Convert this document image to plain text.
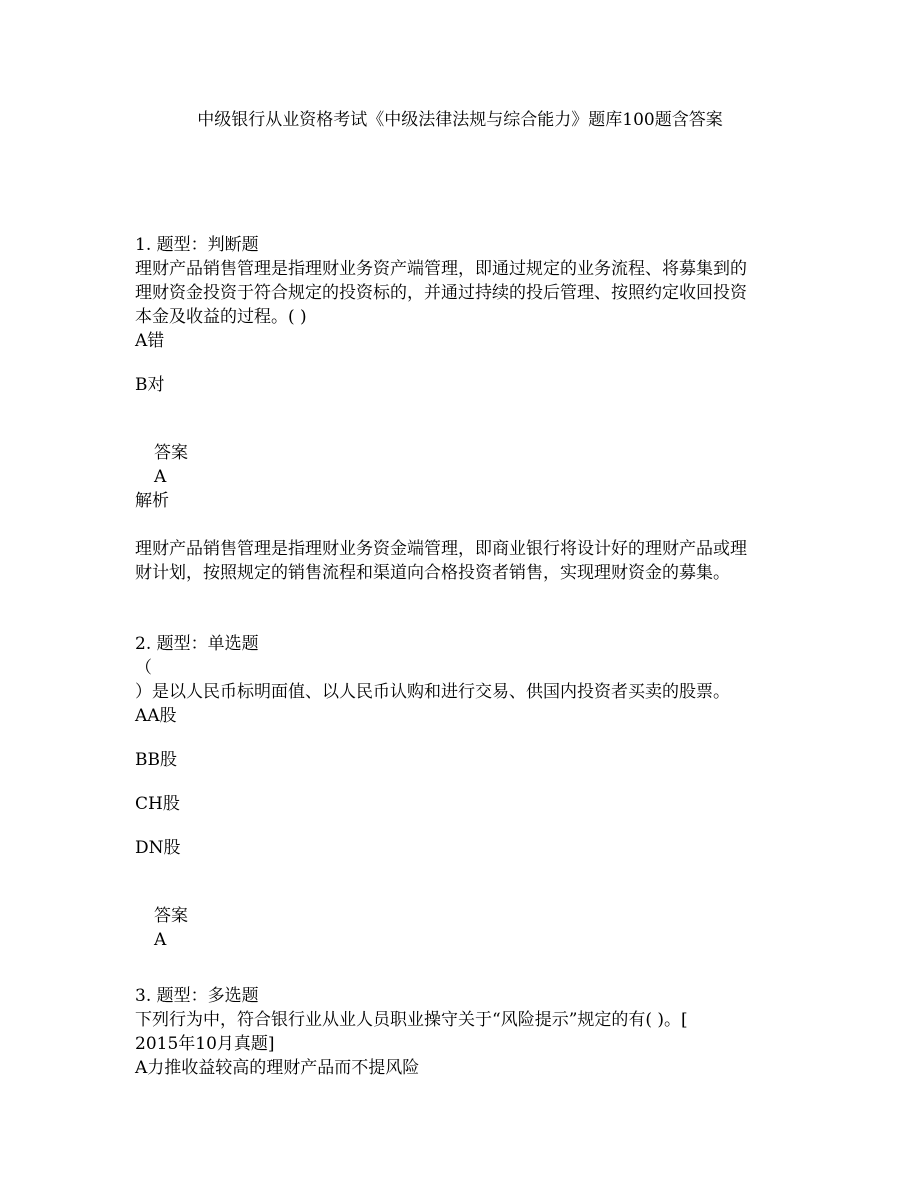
中级银行从业资格考试《中级法律法规与综合能力》题库100题含答案
1. 题型：判断题
理财产品销售管理是指理财业务资产端管理，即通过规定的业务流程、将募集到的
理财资金投资于符合规定的投资标的，并通过持续的投后管理、按照约定收回投资
本金及收益的过程。( )
A错
B对
答案
A
解析
理财产品销售管理是指理财业务资金端管理，即商业银行将设计好的理财产品或理
财计划，按照规定的销售流程和渠道向合格投资者销售，实现理财资金的募集。
2. 题型：单选题
（
）是以人民币标明面值、以人民币认购和进行交易、供国内投资者买卖的股票。
AA股
BB股
CH股
DN股
答案
A
3. 题型：多选题
下列行为中，符合银行业从业人员职业操守关于“风险提示”规定的有( )。[
2015年10月真题]
A力推收益较高的理财产品而不提风险
